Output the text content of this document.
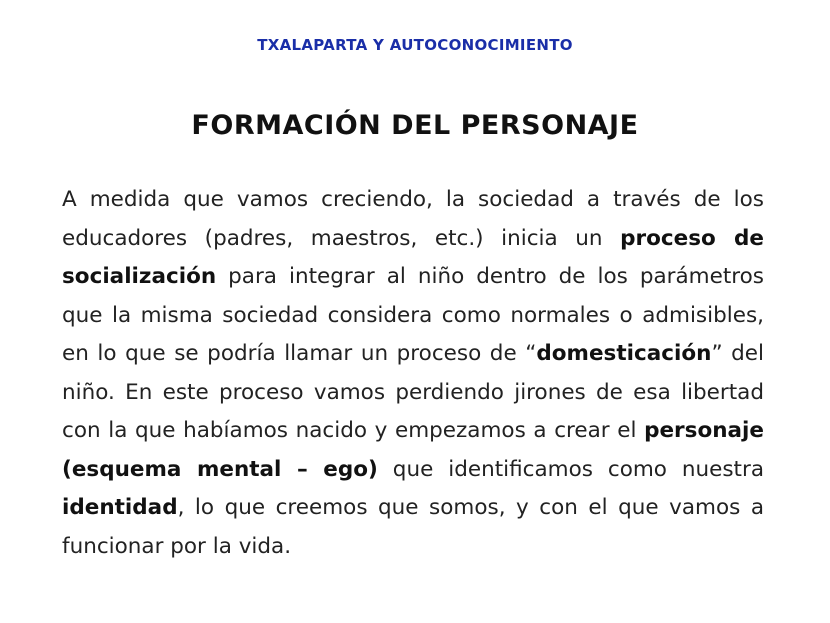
TXALAPARTA Y AUTOCONOCIMIENTO
FORMACIÓN DEL PERSONAJE

A medida que vamos creciendo, la sociedad a través de los educadores (padres, maestros, etc.) inicia un proceso de socialización para integrar al niño dentro de los parámetros que la misma sociedad considera como normales o admisibles, en lo que se podría llamar un proceso de “domesticación” del niño. En este proceso vamos perdiendo jirones de esa libertad con la que habíamos nacido y empezamos a crear el personaje (esquema mental – ego) que identificamos como nuestra identidad, lo que creemos que somos, y con el que vamos a funcionar por la vida.
